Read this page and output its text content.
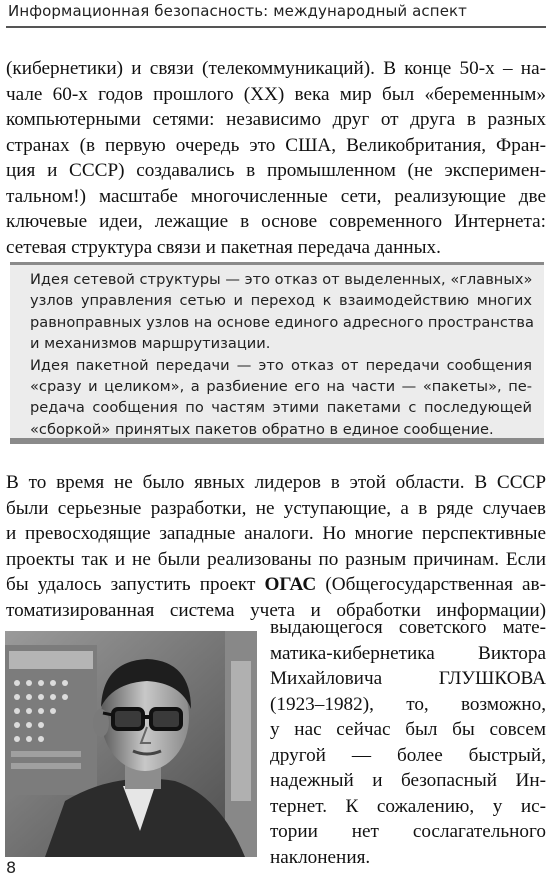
Информационная безопасность: международный аспект
(кибернетики) и связи (телекоммуникаций). В конце 50-х – на-
чале 60-х годов прошлого (XX) века мир был «беременным»
компьютерными сетями: независимо друг от друга в разных
странах (в первую очередь это США, Великобритания, Фран-
ция и СССР) создавались в промышленном (не эксперимен-
тальном!) масштабе многочисленные сети, реализующие две
ключевые идеи, лежащие в основе современного Интернета:
сетевая структура связи и пакетная передача данных.

Идея сетевой структуры — это отказ от выделенных, «главных»
узлов управления сетью и переход к взаимодействию многих
равноправных узлов на основе единого адресного пространства
и механизмов маршрутизации.

Идея пакетной передачи — это отказ от передачи сообщения
«сразу и целиком», а разбиение его на части — «пакеты», пе-
редача сообщения по частям этими пакетами с последующей
«сборкой» принятых пакетов обратно в единое сообщение.

В то время не было явных лидеров в этой области. В СССР
были серьезные разработки, не уступающие, а в ряде случаев
и превосходящие западные аналоги. Но многие перспективные
проекты так и не были реализованы по разным причинам. Если
бы удалось запустить проект ОГАС (Общегосударственная ав-
томатизированная система учета и обработки информации)
выдающегося советского мате-
матика-кибернетика Виктора
Михайловича ГЛУШКОВА
(1923–1982), то, возможно,
у нас сейчас был бы совсем
другой — более быстрый,
надежный и безопасный Ин-
тернет. К сожалению, у ис-
тории нет сослагательного
наклонения.
8
